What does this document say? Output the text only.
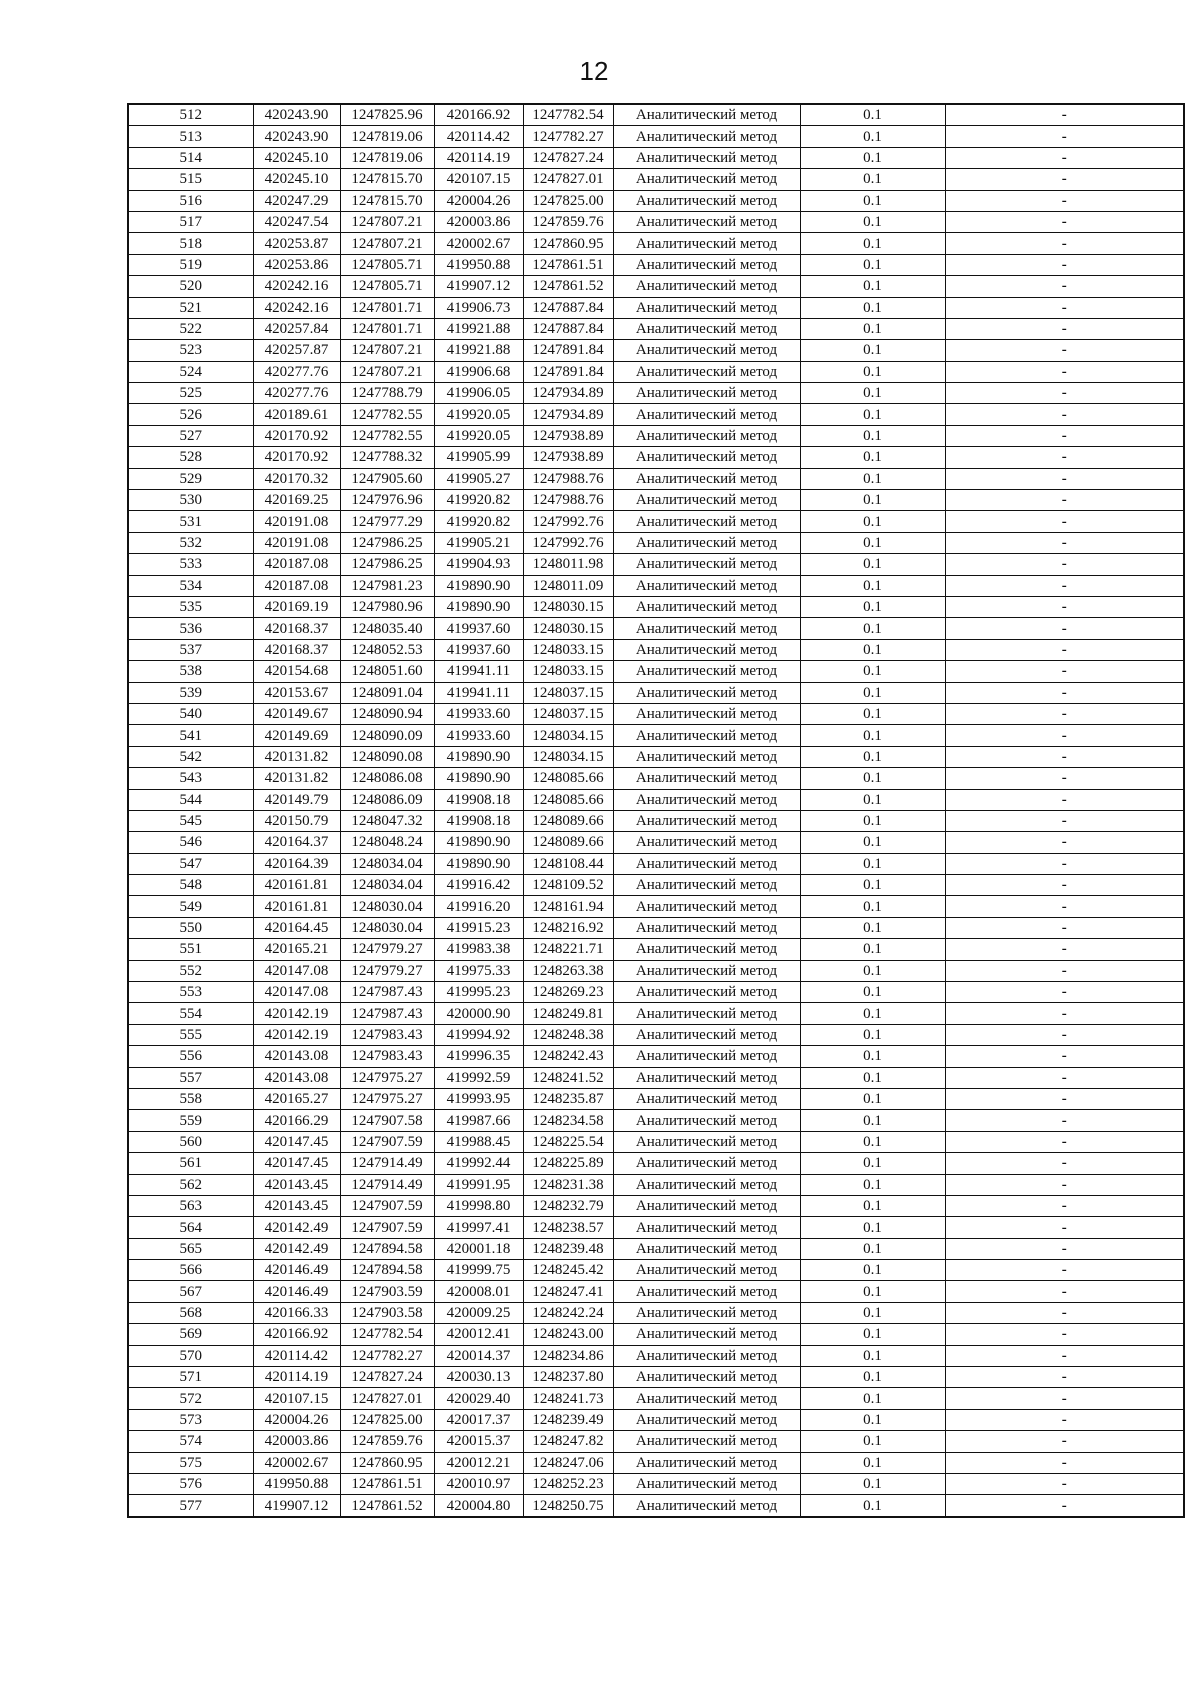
12
512	420243.90	1247825.96	420166.92	1247782.54	Аналитический метод	0.1	-
513	420243.90	1247819.06	420114.42	1247782.27	Аналитический метод	0.1	-
514	420245.10	1247819.06	420114.19	1247827.24	Аналитический метод	0.1	-
515	420245.10	1247815.70	420107.15	1247827.01	Аналитический метод	0.1	-
516	420247.29	1247815.70	420004.26	1247825.00	Аналитический метод	0.1	-
517	420247.54	1247807.21	420003.86	1247859.76	Аналитический метод	0.1	-
518	420253.87	1247807.21	420002.67	1247860.95	Аналитический метод	0.1	-
519	420253.86	1247805.71	419950.88	1247861.51	Аналитический метод	0.1	-
520	420242.16	1247805.71	419907.12	1247861.52	Аналитический метод	0.1	-
521	420242.16	1247801.71	419906.73	1247887.84	Аналитический метод	0.1	-
522	420257.84	1247801.71	419921.88	1247887.84	Аналитический метод	0.1	-
523	420257.87	1247807.21	419921.88	1247891.84	Аналитический метод	0.1	-
524	420277.76	1247807.21	419906.68	1247891.84	Аналитический метод	0.1	-
525	420277.76	1247788.79	419906.05	1247934.89	Аналитический метод	0.1	-
526	420189.61	1247782.55	419920.05	1247934.89	Аналитический метод	0.1	-
527	420170.92	1247782.55	419920.05	1247938.89	Аналитический метод	0.1	-
528	420170.92	1247788.32	419905.99	1247938.89	Аналитический метод	0.1	-
529	420170.32	1247905.60	419905.27	1247988.76	Аналитический метод	0.1	-
530	420169.25	1247976.96	419920.82	1247988.76	Аналитический метод	0.1	-
531	420191.08	1247977.29	419920.82	1247992.76	Аналитический метод	0.1	-
532	420191.08	1247986.25	419905.21	1247992.76	Аналитический метод	0.1	-
533	420187.08	1247986.25	419904.93	1248011.98	Аналитический метод	0.1	-
534	420187.08	1247981.23	419890.90	1248011.09	Аналитический метод	0.1	-
535	420169.19	1247980.96	419890.90	1248030.15	Аналитический метод	0.1	-
536	420168.37	1248035.40	419937.60	1248030.15	Аналитический метод	0.1	-
537	420168.37	1248052.53	419937.60	1248033.15	Аналитический метод	0.1	-
538	420154.68	1248051.60	419941.11	1248033.15	Аналитический метод	0.1	-
539	420153.67	1248091.04	419941.11	1248037.15	Аналитический метод	0.1	-
540	420149.67	1248090.94	419933.60	1248037.15	Аналитический метод	0.1	-
541	420149.69	1248090.09	419933.60	1248034.15	Аналитический метод	0.1	-
542	420131.82	1248090.08	419890.90	1248034.15	Аналитический метод	0.1	-
543	420131.82	1248086.08	419890.90	1248085.66	Аналитический метод	0.1	-
544	420149.79	1248086.09	419908.18	1248085.66	Аналитический метод	0.1	-
545	420150.79	1248047.32	419908.18	1248089.66	Аналитический метод	0.1	-
546	420164.37	1248048.24	419890.90	1248089.66	Аналитический метод	0.1	-
547	420164.39	1248034.04	419890.90	1248108.44	Аналитический метод	0.1	-
548	420161.81	1248034.04	419916.42	1248109.52	Аналитический метод	0.1	-
549	420161.81	1248030.04	419916.20	1248161.94	Аналитический метод	0.1	-
550	420164.45	1248030.04	419915.23	1248216.92	Аналитический метод	0.1	-
551	420165.21	1247979.27	419983.38	1248221.71	Аналитический метод	0.1	-
552	420147.08	1247979.27	419975.33	1248263.38	Аналитический метод	0.1	-
553	420147.08	1247987.43	419995.23	1248269.23	Аналитический метод	0.1	-
554	420142.19	1247987.43	420000.90	1248249.81	Аналитический метод	0.1	-
555	420142.19	1247983.43	419994.92	1248248.38	Аналитический метод	0.1	-
556	420143.08	1247983.43	419996.35	1248242.43	Аналитический метод	0.1	-
557	420143.08	1247975.27	419992.59	1248241.52	Аналитический метод	0.1	-
558	420165.27	1247975.27	419993.95	1248235.87	Аналитический метод	0.1	-
559	420166.29	1247907.58	419987.66	1248234.58	Аналитический метод	0.1	-
560	420147.45	1247907.59	419988.45	1248225.54	Аналитический метод	0.1	-
561	420147.45	1247914.49	419992.44	1248225.89	Аналитический метод	0.1	-
562	420143.45	1247914.49	419991.95	1248231.38	Аналитический метод	0.1	-
563	420143.45	1247907.59	419998.80	1248232.79	Аналитический метод	0.1	-
564	420142.49	1247907.59	419997.41	1248238.57	Аналитический метод	0.1	-
565	420142.49	1247894.58	420001.18	1248239.48	Аналитический метод	0.1	-
566	420146.49	1247894.58	419999.75	1248245.42	Аналитический метод	0.1	-
567	420146.49	1247903.59	420008.01	1248247.41	Аналитический метод	0.1	-
568	420166.33	1247903.58	420009.25	1248242.24	Аналитический метод	0.1	-
569	420166.92	1247782.54	420012.41	1248243.00	Аналитический метод	0.1	-
570	420114.42	1247782.27	420014.37	1248234.86	Аналитический метод	0.1	-
571	420114.19	1247827.24	420030.13	1248237.80	Аналитический метод	0.1	-
572	420107.15	1247827.01	420029.40	1248241.73	Аналитический метод	0.1	-
573	420004.26	1247825.00	420017.37	1248239.49	Аналитический метод	0.1	-
574	420003.86	1247859.76	420015.37	1248247.82	Аналитический метод	0.1	-
575	420002.67	1247860.95	420012.21	1248247.06	Аналитический метод	0.1	-
576	419950.88	1247861.51	420010.97	1248252.23	Аналитический метод	0.1	-
577	419907.12	1247861.52	420004.80	1248250.75	Аналитический метод	0.1	-
